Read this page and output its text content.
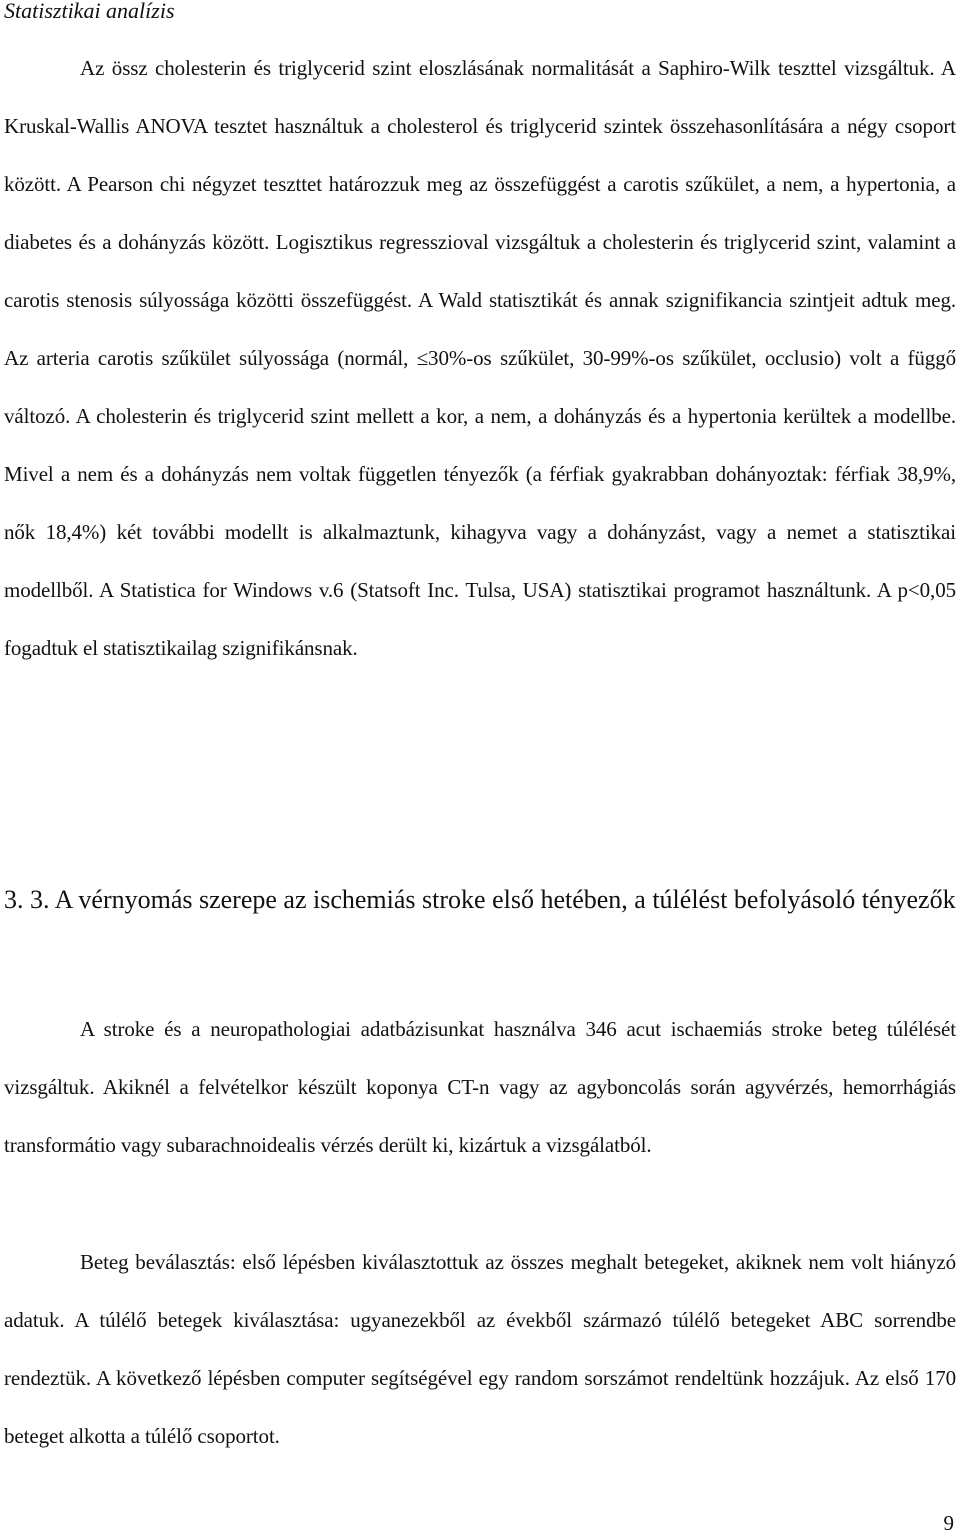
Statisztikai analízis

Az össz cholesterin és triglycerid szint eloszlásának normalitását a Saphiro-Wilk teszttel vizsgáltuk. A Kruskal-Wallis ANOVA tesztet használtuk a cholesterol és triglycerid szintek összehasonlítására a négy csoport között. A Pearson chi négyzet teszttet határozzuk meg az összefüggést a carotis szűkület, a nem, a hypertonia, a diabetes és a dohányzás között. Logisztikus regresszioval vizsgáltuk a cholesterin és triglycerid szint, valamint a carotis stenosis súlyossága közötti összefüggést. A Wald statisztikát és annak szignifikancia szintjeit adtuk meg. Az arteria carotis szűkület súlyossága (normál, ≤30%-os szűkület, 30-99%-os szűkület, occlusio) volt a függő változó. A cholesterin és triglycerid szint mellett a kor, a nem, a dohányzás és a hypertonia kerültek a modellbe. Mivel a nem és a dohányzás nem voltak független tényezők (a férfiak gyakrabban dohányoztak: férfiak 38,9%, nők 18,4%) két további modellt is alkalmaztunk, kihagyva vagy a dohányzást, vagy a nemet a statisztikai modellből. A Statistica for Windows v.6 (Statsoft Inc. Tulsa, USA) statisztikai programot használtunk. A p<0,05 fogadtuk el statisztikailag szignifikánsnak.

3. 3. A vérnyomás szerepe az ischemiás stroke első hetében, a túlélést befolyásoló tényezők

A stroke és a neuropathologiai adatbázisunkat használva 346 acut ischaemiás stroke beteg túlélését vizsgáltuk. Akiknél a felvételkor készült koponya CT-n vagy az agyboncolás során agyvérzés, hemorrhágiás transformátio vagy subarachnoidealis vérzés derült ki, kizártuk a vizsgálatból.

Beteg beválasztás: első lépésben kiválasztottuk az összes meghalt betegeket, akiknek nem volt hiányzó adatuk. A túlélő betegek kiválasztása: ugyanezekből az évekből származó túlélő betegeket ABC sorrendbe rendeztük. A következő lépésben computer segítségével egy random sorszámot rendeltünk hozzájuk. Az első 170 beteget alkotta a túlélő csoportot.

9
